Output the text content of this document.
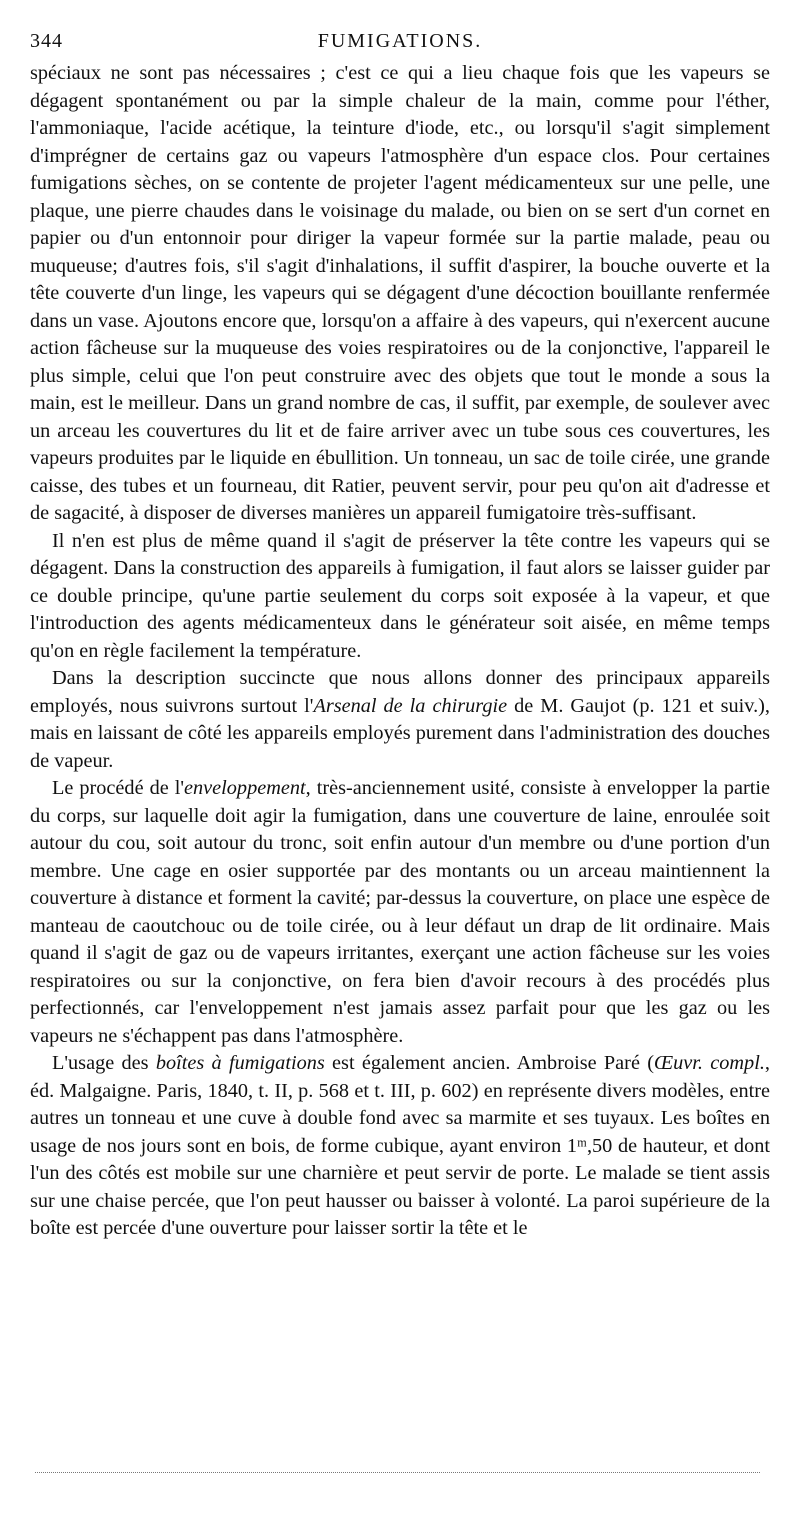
344	FUMIGATIONS.

spéciaux ne sont pas nécessaires ; c'est ce qui a lieu chaque fois que les vapeurs se dégagent spontanément ou par la simple chaleur de la main, comme pour l'éther, l'ammoniaque, l'acide acétique, la teinture d'iode, etc., ou lorsqu'il s'agit simplement d'imprégner de certains gaz ou vapeurs l'atmosphère d'un espace clos. Pour certaines fumigations sèches, on se contente de projeter l'agent médicamenteux sur une pelle, une plaque, une pierre chaudes dans le voisinage du malade, ou bien on se sert d'un cornet en papier ou d'un entonnoir pour diriger la vapeur formée sur la partie malade, peau ou muqueuse; d'autres fois, s'il s'agit d'inhalations, il suffit d'aspirer, la bouche ouverte et la tête couverte d'un linge, les vapeurs qui se dégagent d'une décoction bouillante renfermée dans un vase. Ajoutons encore que, lorsqu'on a affaire à des vapeurs, qui n'exercent aucune action fâcheuse sur la muqueuse des voies respiratoires ou de la conjonctive, l'appareil le plus simple, celui que l'on peut construire avec des objets que tout le monde a sous la main, est le meilleur. Dans un grand nombre de cas, il suffit, par exemple, de soulever avec un arceau les couvertures du lit et de faire arriver avec un tube sous ces couvertures, les vapeurs produites par le liquide en ébullition. Un tonneau, un sac de toile cirée, une grande caisse, des tubes et un fourneau, dit Ratier, peuvent servir, pour peu qu'on ait d'adresse et de sagacité, à disposer de diverses manières un appareil fumigatoire très-suffisant.

Il n'en est plus de même quand il s'agit de préserver la tête contre les vapeurs qui se dégagent. Dans la construction des appareils à fumigation, il faut alors se laisser guider par ce double principe, qu'une partie seulement du corps soit exposée à la vapeur, et que l'introduction des agents médicamenteux dans le générateur soit aisée, en même temps qu'on en règle facilement la température.

Dans la description succincte que nous allons donner des principaux appareils employés, nous suivrons surtout l'Arsenal de la chirurgie de M. Gaujot (p. 121 et suiv.), mais en laissant de côté les appareils employés purement dans l'administration des douches de vapeur.

Le procédé de l'enveloppement, très-anciennement usité, consiste à envelopper la partie du corps, sur laquelle doit agir la fumigation, dans une couverture de laine, enroulée soit autour du cou, soit autour du tronc, soit enfin autour d'un membre ou d'une portion d'un membre. Une cage en osier supportée par des montants ou un arceau maintiennent la couverture à distance et forment la cavité; par-dessus la couverture, on place une espèce de manteau de caoutchouc ou de toile cirée, ou à leur défaut un drap de lit ordinaire. Mais quand il s'agit de gaz ou de vapeurs irritantes, exerçant une action fâcheuse sur les voies respiratoires ou sur la conjonctive, on fera bien d'avoir recours à des procédés plus perfectionnés, car l'enveloppement n'est jamais assez parfait pour que les gaz ou les vapeurs ne s'échappent pas dans l'atmosphère.

L'usage des boîtes à fumigations est également ancien. Ambroise Paré (Œuvr. compl., éd. Malgaigne. Paris, 1840, t. II, p. 568 et t. III, p. 602) en représente divers modèles, entre autres un tonneau et une cuve à double fond avec sa marmite et ses tuyaux. Les boîtes en usage de nos jours sont en bois, de forme cubique, ayant environ 1ᵐ,50 de hauteur, et dont l'un des côtés est mobile sur une charnière et peut servir de porte. Le malade se tient assis sur une chaise percée, que l'on peut hausser ou baisser à volonté. La paroi supérieure de la boîte est percée d'une ouverture pour laisser sortir la tête et le
